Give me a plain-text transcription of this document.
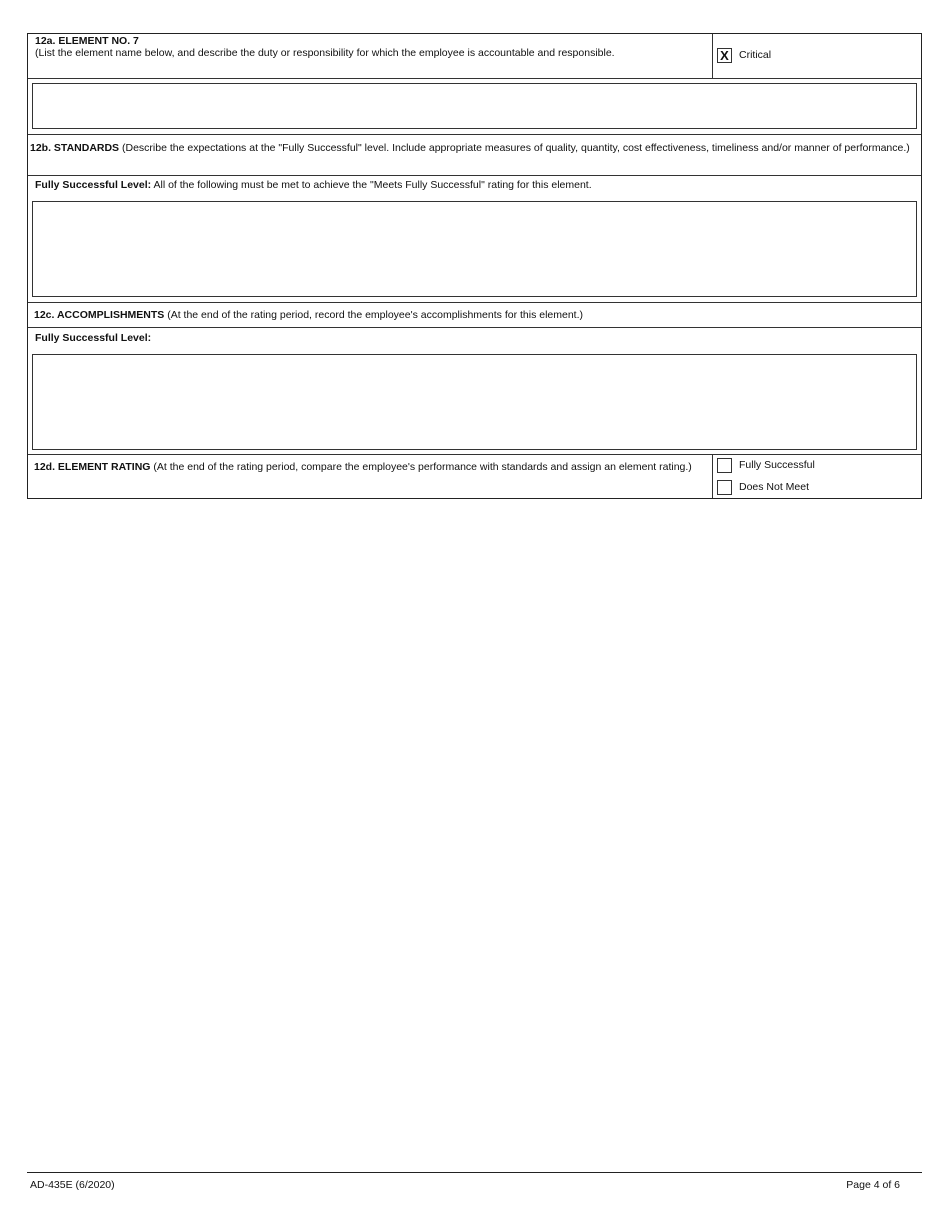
12a. ELEMENT NO. 7
(List the element name below, and describe the duty or responsibility for which the employee is accountable and responsible.	X Critical
12b. STANDARDS (Describe the expectations at the "Fully Successful" level. Include appropriate measures of quality, quantity, cost effectiveness, timeliness and/or manner of performance.)
Fully Successful Level: All of the following must be met to achieve the "Meets Fully Successful" rating for this element.
12c. ACCOMPLISHMENTS (At the end of the rating period, record the employee's accomplishments for this element.)
Fully Successful Level:
12d. ELEMENT RATING (At the end of the rating period, compare the employee's performance with standards and assign an element rating.)	Fully Successful
Does Not Meet
AD-435E (6/2020)	Page 4 of 6
